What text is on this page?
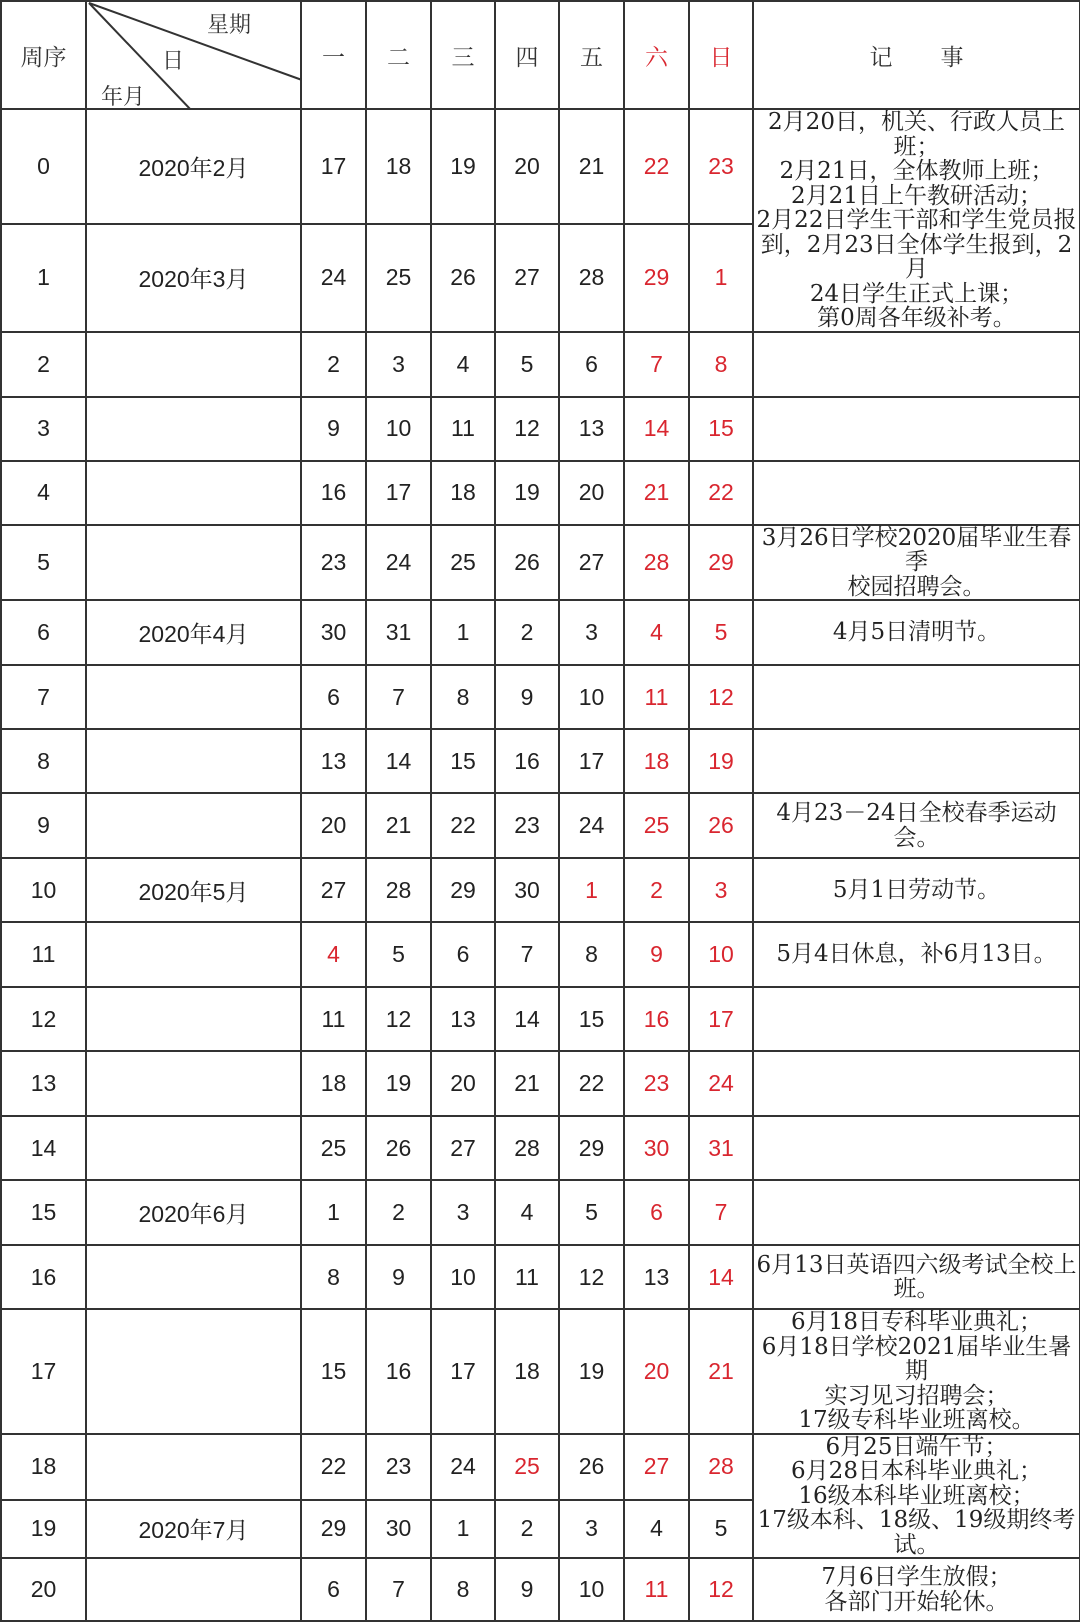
周序	星期
日
年月	一	二	三	四	五	六	日	记 事
0	2020年2月	17	18	19	20	21	22	23	
2月20日，机关、行政人员上班；
2月21日，全体教师上班；
2月21日上午教研活动；
2月22日学生干部和学生党员报
到，2月23日全体学生报到，2月
24日学生正式上课；
第0周各年级补考。

1	2020年3月	24	25	26	27	28	29	1	
2		2	3	4	5	6	7	8	
3		9	10	11	12	13	14	15	
4		16	17	18	19	20	21	22	
5		23	24	25	26	27	28	29	3月26日学校2020届毕业生春季
校园招聘会。

6	2020年4月	30	31	1	2	3	4	5	4月5日清明节。

7		6	7	8	9	10	11	12	
8		13	14	15	16	17	18	19	
9		20	21	22	23	24	25	26	4月23－24日全校春季运动会。

10	2020年5月	27	28	29	30	1	2	3	5月1日劳动节。

11		4	5	6	7	8	9	10	5月4日休息，补6月13日。

12		11	12	13	14	15	16	17	
13		18	19	20	21	22	23	24	
14		25	26	27	28	29	30	31	
15	2020年6月	1	2	3	4	5	6	7	
16		8	9	10	11	12	13	14	6月13日英语四六级考试全校上
班。

17		15	16	17	18	19	20	21	6月18日专科毕业典礼；
6月18日学校2021届毕业生暑期
实习见习招聘会；
17级专科毕业班离校。

18		22	23	24	25	26	27	28	6月25日端午节；
6月28日本科毕业典礼；
16级本科毕业班离校；
17级本科、18级、19级期终考试。

19	2020年7月	29	30	1	2	3	4	5	
20		6	7	8	9	10	11	12	7月6日学生放假；
各部门开始轮休。
